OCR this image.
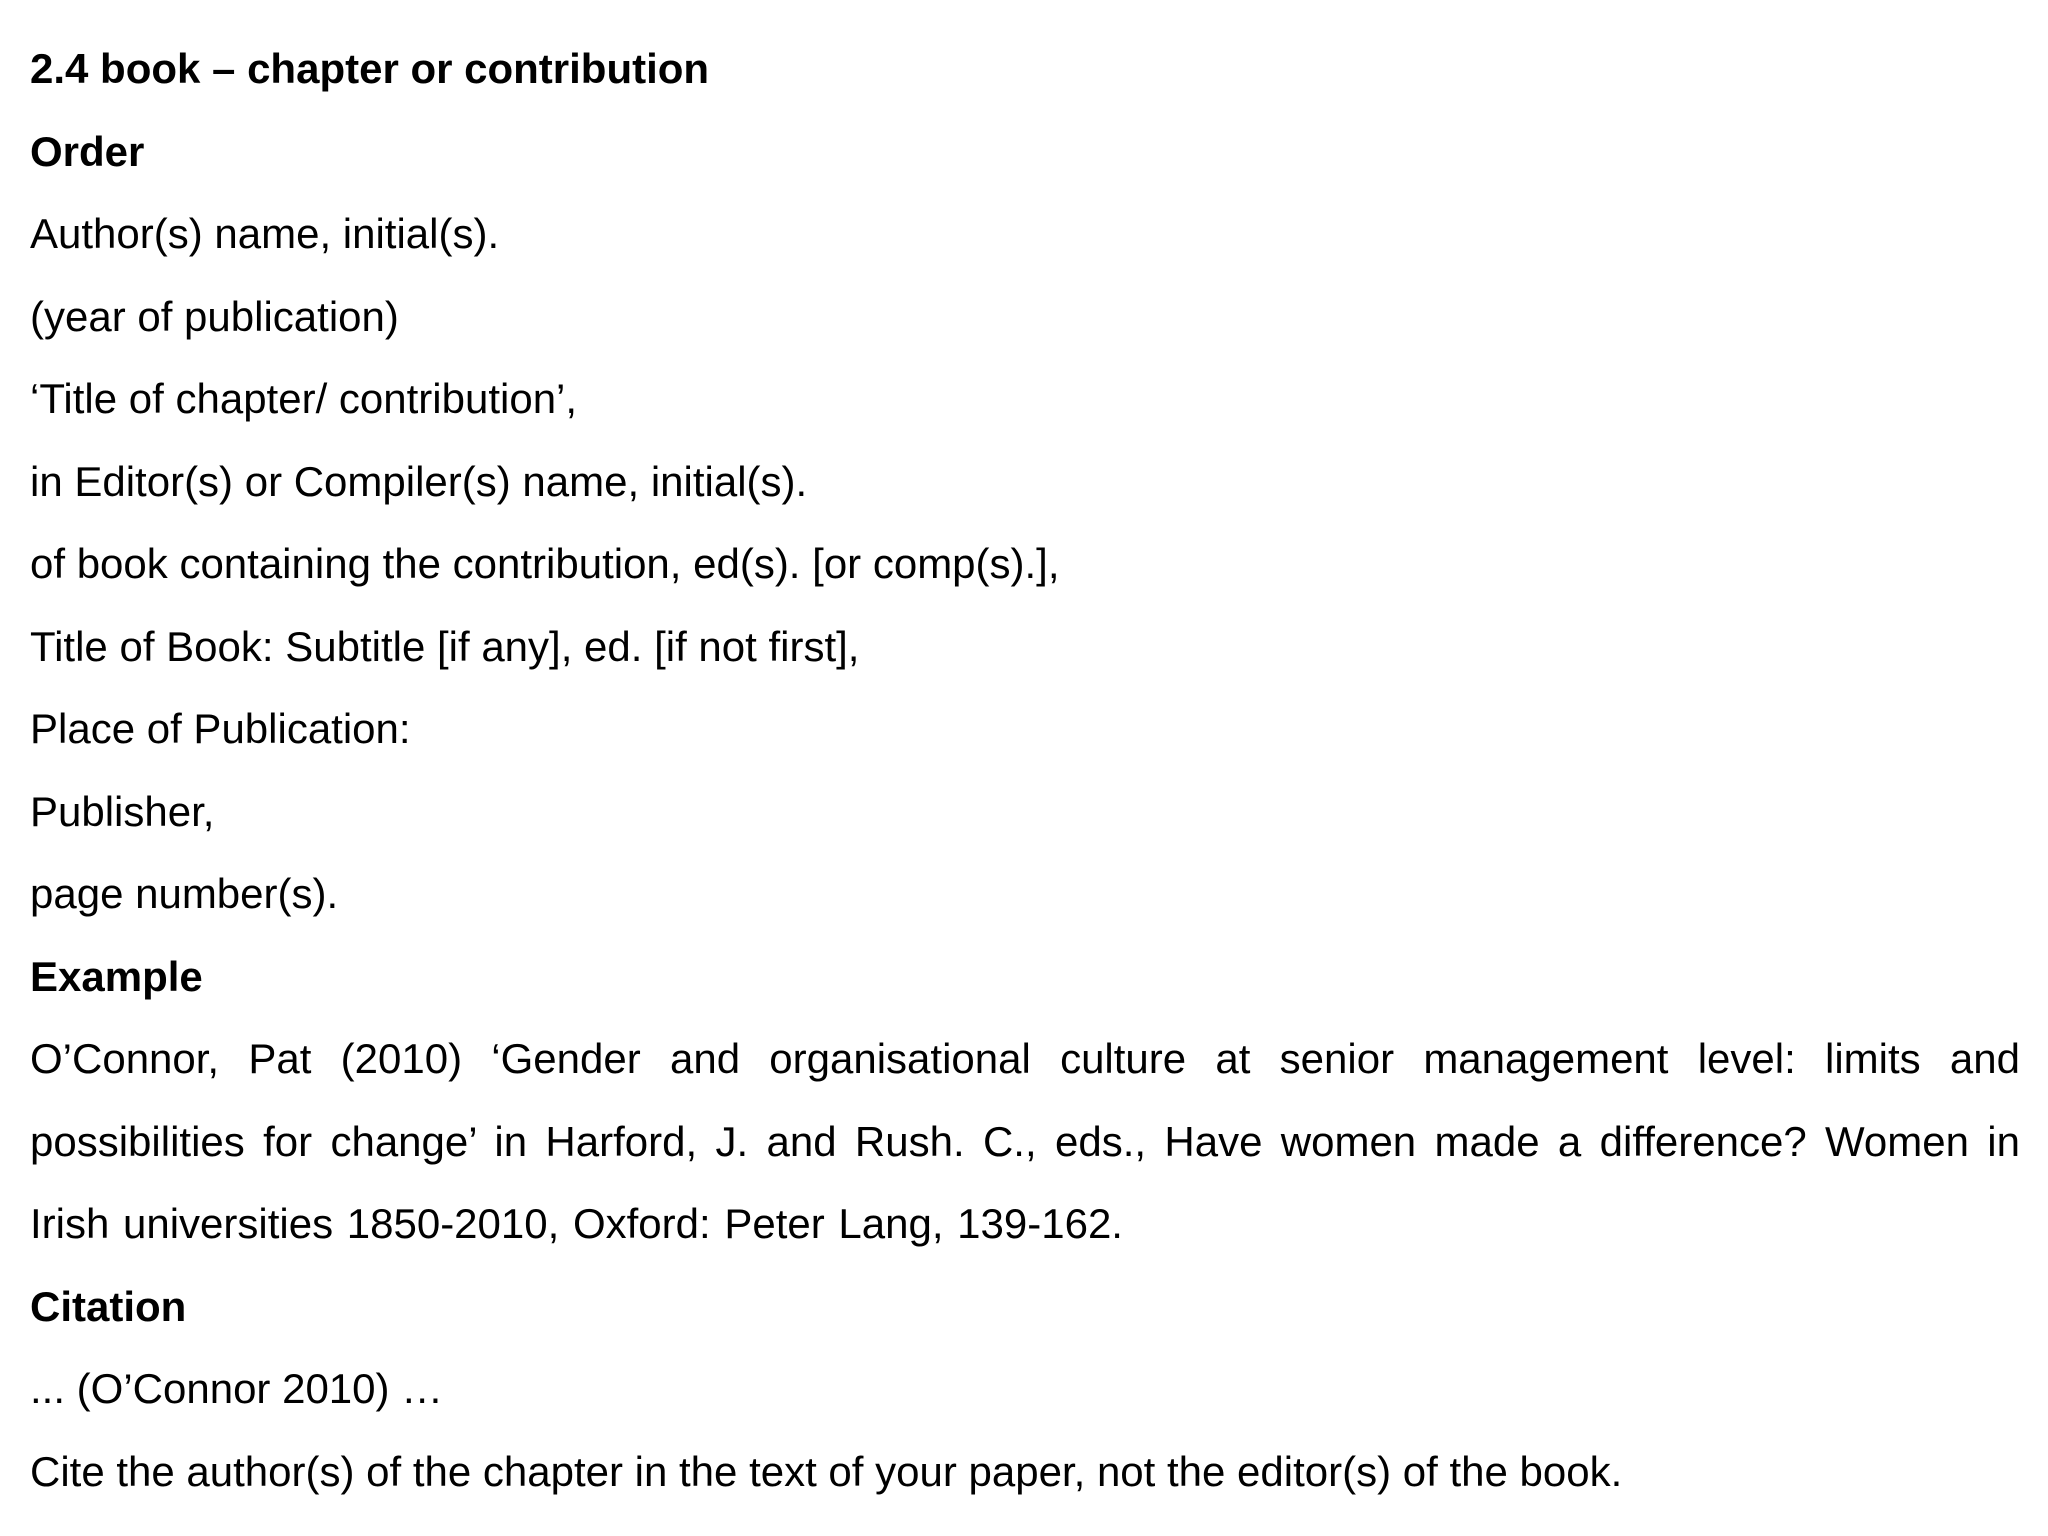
2.4 book – chapter or contribution

Order

Author(s) name, initial(s).

(year of publication)

‘Title of chapter/ contribution’,

in Editor(s) or Compiler(s) name, initial(s).

of book containing the contribution, ed(s). [or comp(s).],

Title of Book: Subtitle [if any], ed. [if not first],

Place of Publication:

Publisher,

page number(s).

Example

O’Connor, Pat (2010) ‘Gender and organisational culture at senior management level: limits and possibilities for change’ in Harford, J. and Rush. C., eds., Have women made a difference? Women in Irish universities 1850-2010, Oxford: Peter Lang, 139-162.

Citation

... (O’Connor 2010) …

Cite the author(s) of the chapter in the text of your paper, not the editor(s) of the book.
